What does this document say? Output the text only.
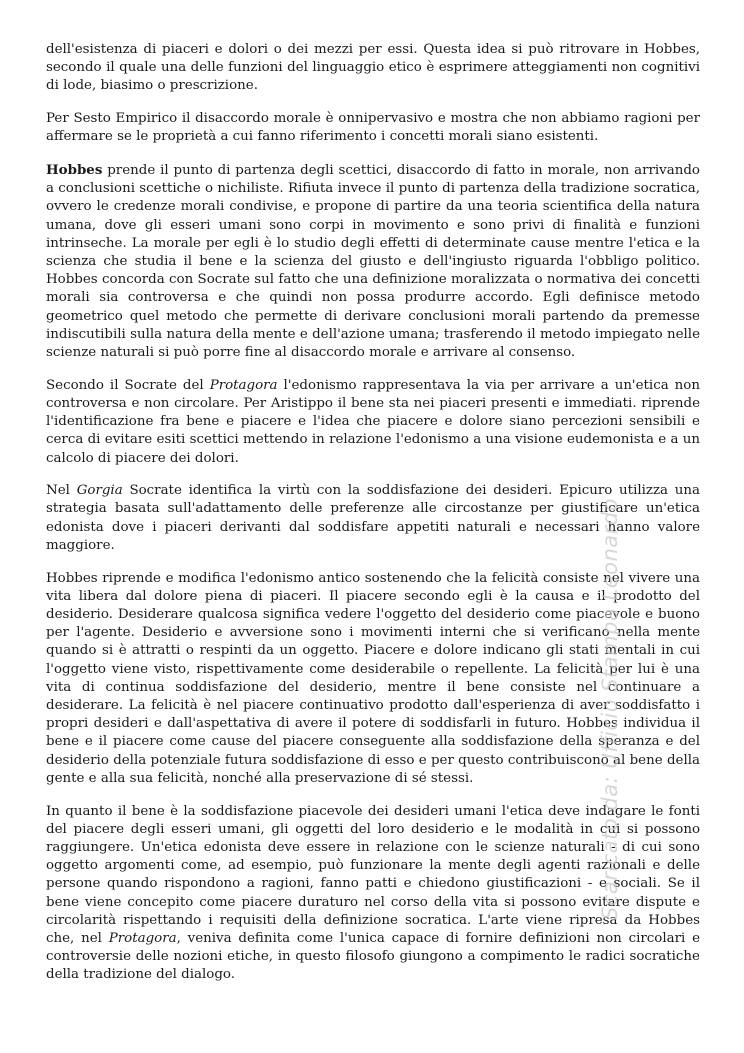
dell'esistenza di piaceri e dolori o dei mezzi per essi. Questa idea si può ritrovare in Hobbes, secondo il quale una delle funzioni del linguaggio etico è esprimere atteggiamenti non cognitivi di lode, biasimo o prescrizione.

Per Sesto Empirico il disaccordo morale è onnipervasivo e mostra che non abbiamo ragioni per affermare se le proprietà a cui fanno riferimento i concetti morali siano esistenti.

Hobbes prende il punto di partenza degli scettici, disaccordo di fatto in morale, non arrivando a conclusioni scettiche o nichiliste. Rifiuta invece il punto di partenza della tradizione socratica, ovvero le credenze morali condivise, e propone di partire da una teoria scientifica della natura umana, dove gli esseri umani sono corpi in movimento e sono privi di finalità e funzioni intrinseche. La morale per egli è lo studio degli effetti di determinate cause mentre l'etica e la scienza che studia il bene e la scienza del giusto e dell'ingiusto riguarda l'obbligo politico. Hobbes concorda con Socrate sul fatto che una definizione moralizzata o normativa dei concetti morali sia controversa e che quindi non possa produrre accordo. Egli definisce metodo geometrico quel metodo che permette di derivare conclusioni morali partendo da premesse indiscutibili sulla natura della mente e dell'azione umana; trasferendo il metodo impiegato nelle scienze naturali si può porre fine al disaccordo morale e arrivare al consenso.

Secondo il Socrate del Protagora l'edonismo rappresentava la via per arrivare a un'etica non controversa e non circolare. Per Aristippo il bene sta nei piaceri presenti e immediati. riprende l'identificazione fra bene e piacere e l'idea che piacere e dolore siano percezioni sensibili e cerca di evitare esiti scettici mettendo in relazione l'edonismo a una visione eudemonista e a un calcolo di piacere dei dolori.

Nel Gorgia Socrate identifica la virtù con la soddisfazione dei desideri. Epicuro utilizza una strategia basata sull'adattamento delle preferenze alle circostanze per giustificare un'etica edonista dove i piaceri derivanti dal soddisfare appetiti naturali e necessari hanno valore maggiore.

Hobbes riprende e modifica l'edonismo antico sostenendo che la felicità consiste nel vivere una vita libera dal dolore piena di piaceri. Il piacere secondo egli è la causa e il prodotto del desiderio. Desiderare qualcosa significa vedere l'oggetto del desiderio come piacevole e buono per l'agente. Desiderio e avversione sono i movimenti interni che si verificano nella mente quando si è attratti o respinti da un oggetto. Piacere e dolore indicano gli stati mentali in cui l'oggetto viene visto, rispettivamente come desiderabile o repellente. La felicità per lui è una vita di continua soddisfazione del desiderio, mentre il bene consiste nel continuare a desiderare. La felicità è nel piacere continuativo prodotto dall'esperienza di aver soddisfatto i propri desideri e dall'aspettativa di avere il potere di soddisfarli in futuro. Hobbes individua il bene e il piacere come cause del piacere conseguente alla soddisfazione della speranza e del desiderio della potenziale futura soddisfazione di esso e per questo contribuiscono al bene della gente e alla sua felicità, nonché alla preservazione di sé stessi.

In quanto il bene è la soddisfazione piacevole dei desideri umani l'etica deve indagare le fonti del piacere degli esseri umani, gli oggetti del loro desiderio e le modalità in cui si possono raggiungere. Un'etica edonista deve essere in relazione con le scienze naturali - di cui sono oggetto argomenti come, ad esempio, può funzionare la mente degli agenti razionali e delle persone quando rispondono a ragioni, fanno patti e chiedono giustificazioni - e sociali. Se il bene viene concepito come piacere duraturo nel corso della vita si possono evitare dispute e circolarità rispettando i requisiti della definizione socratica. L'arte viene ripresa da Hobbes che, nel Protagora, veniva definita come l'unica capace di fornire definizioni non circolari e controversie delle nozioni etiche, in questo filosofo giungono a compimento le radici socratiche della tradizione del dialogo.

Scaricato da: Ufficio Stampa Leonardo
